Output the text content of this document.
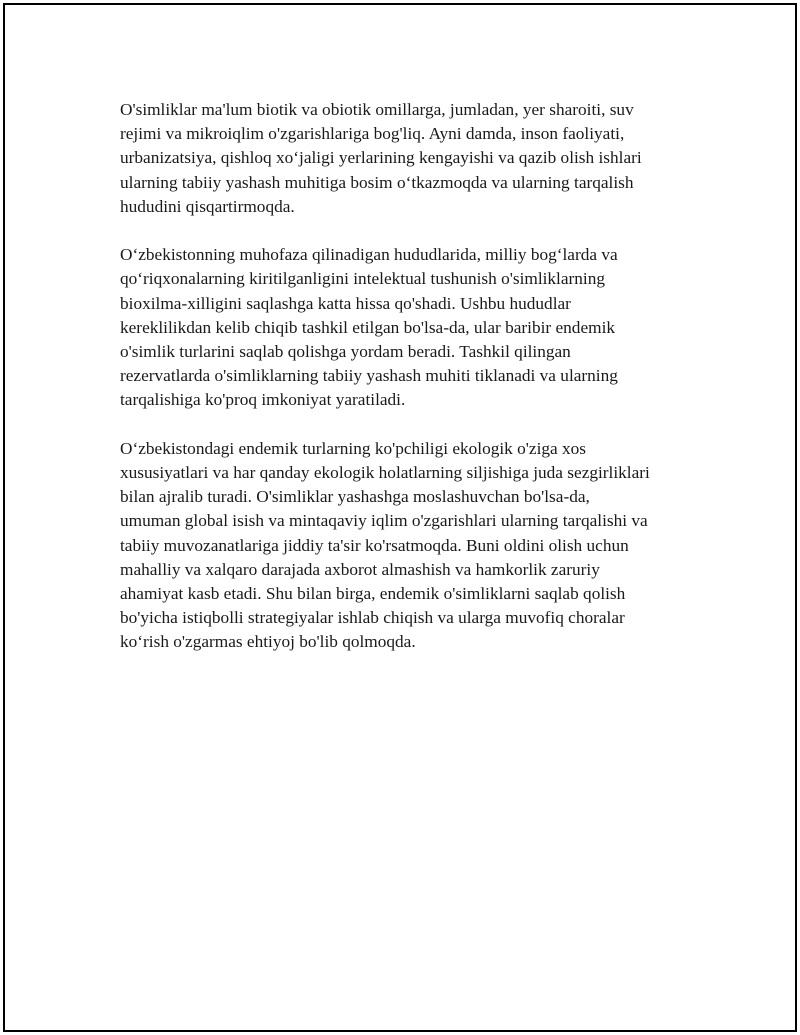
O'simliklar ma'lum biotik va obiotik omillarga, jumladan, yer sharoiti, suv
rejimi va mikroiqlim o'zgarishlariga bog'liq. Ayni damda, inson faoliyati,
urbanizatsiya, qishloq xo‘jaligi yerlarining kengayishi va qazib olish ishlari
ularning tabiiy yashash muhitiga bosim o‘tkazmoqda va ularning tarqalish
hududini qisqartirmoqda.

O‘zbekistonning muhofaza qilinadigan hududlarida, milliy bog‘larda va
qo‘riqxonalarning kiritilganligini intelektual tushunish o'simliklarning
bioxilma-xilligini saqlashga katta hissa qo'shadi. Ushbu hududlar
kereklilikdan kelib chiqib tashkil etilgan bo'lsa-da, ular baribir endemik
o'simlik turlarini saqlab qolishga yordam beradi. Tashkil qilingan
rezervatlarda o'simliklarning tabiiy yashash muhiti tiklanadi va ularning
tarqalishiga ko'proq imkoniyat yaratiladi.

O‘zbekistondagi endemik turlarning ko'pchiligi ekologik o'ziga xos
xususiyatlari va har qanday ekologik holatlarning siljishiga juda sezgirliklari
bilan ajralib turadi. O'simliklar yashashga moslashuvchan bo'lsa-da,
umuman global isish va mintaqaviy iqlim o'zgarishlari ularning tarqalishi va
tabiiy muvozanatlariga jiddiy ta'sir ko'rsatmoqda. Buni oldini olish uchun
mahalliy va xalqaro darajada axborot almashish va hamkorlik zaruriy
ahamiyat kasb etadi. Shu bilan birga, endemik o'simliklarni saqlab qolish
bo'yicha istiqbolli strategiyalar ishlab chiqish va ularga muvofiq choralar
ko‘rish o'zgarmas ehtiyoj bo'lib qolmoqda.
